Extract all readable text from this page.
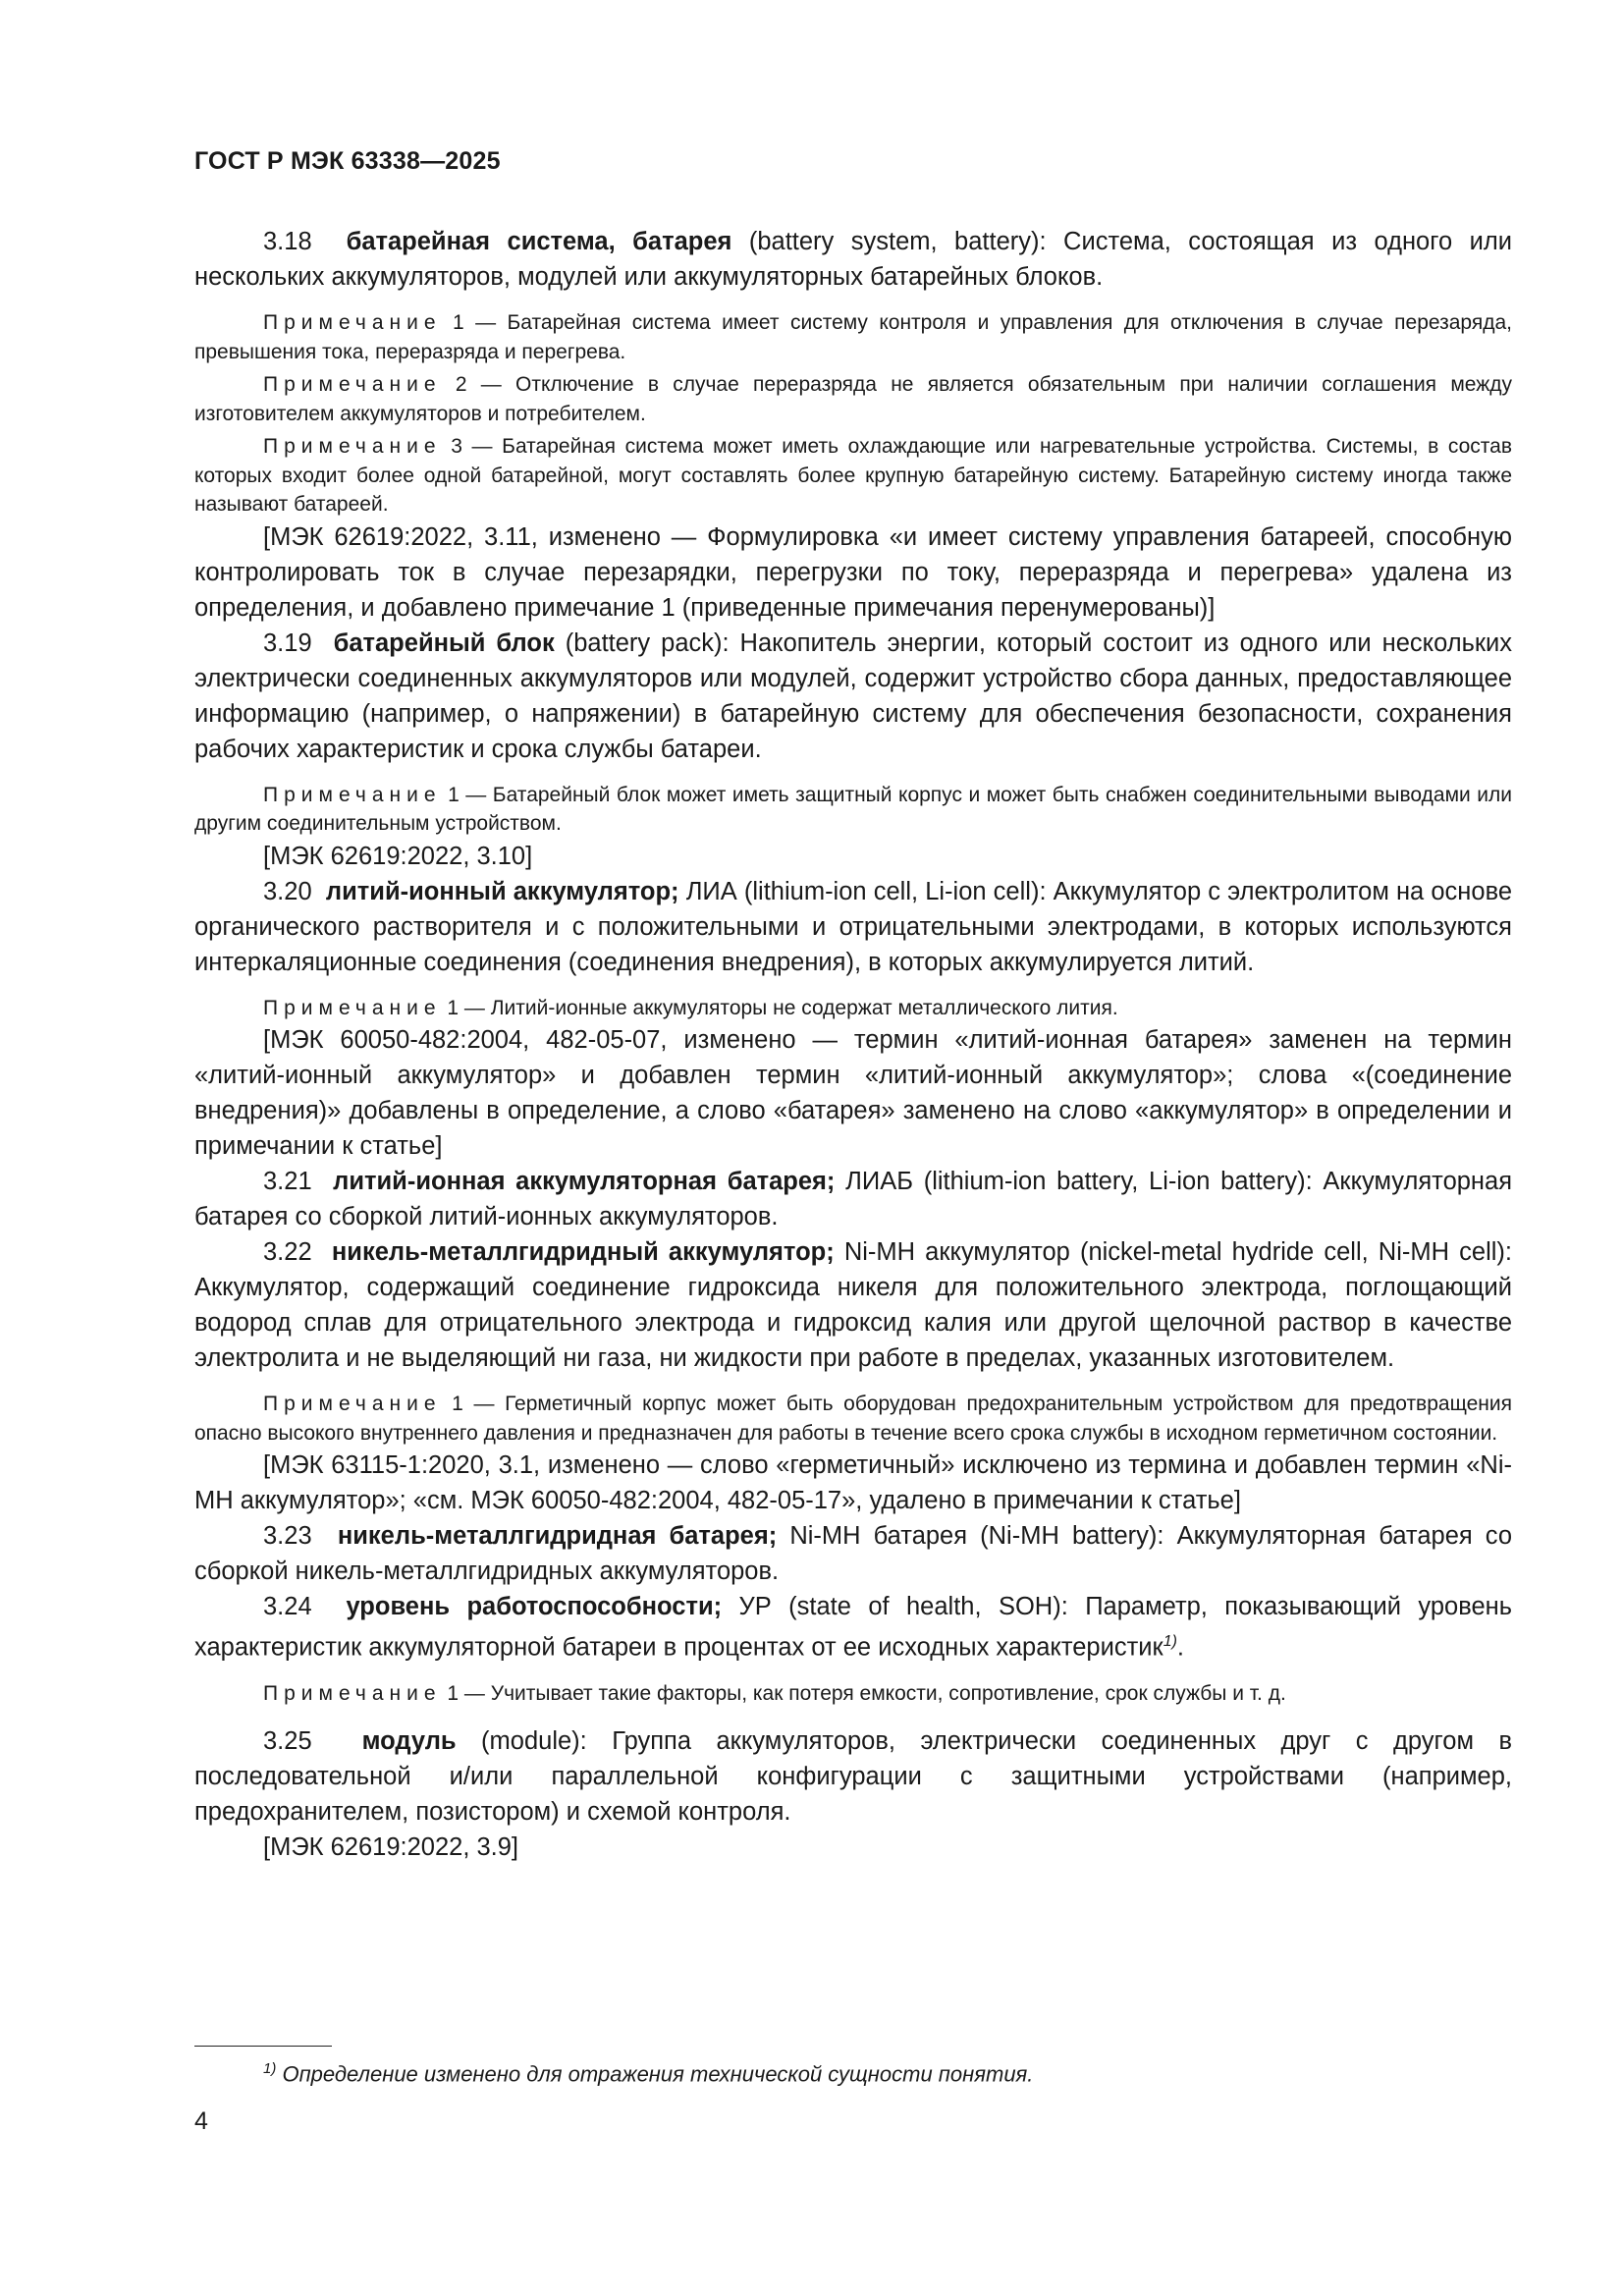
ГОСТ Р МЭК 63338—2025

3.18 батарейная система, батарея (battery system, battery): Система, состоящая из одного или нескольких аккумуляторов, модулей или аккумуляторных батарейных блоков.

Примечание 1 — Батарейная система имеет систему контроля и управления для отключения в случае перезаряда, превышения тока, переразряда и перегрева.

Примечание 2 — Отключение в случае переразряда не является обязательным при наличии соглашения между изготовителем аккумуляторов и потребителем.

Примечание 3 — Батарейная система может иметь охлаждающие или нагревательные устройства. Системы, в состав которых входит более одной батарейной, могут составлять более крупную батарейную систему. Батарейную систему иногда также называют батареей.

[МЭК 62619:2022, 3.11, изменено — Формулировка «и имеет систему управления батареей, способную контролировать ток в случае перезарядки, перегрузки по току, переразряда и перегрева» удалена из определения, и добавлено примечание 1 (приведенные примечания перенумерованы)]

3.19 батарейный блок (battery pack): Накопитель энергии, который состоит из одного или нескольких электрически соединенных аккумуляторов или модулей, содержит устройство сбора данных, предоставляющее информацию (например, о напряжении) в батарейную систему для обеспечения безопасности, сохранения рабочих характеристик и срока службы батареи.

Примечание 1 — Батарейный блок может иметь защитный корпус и может быть снабжен соединительными выводами или другим соединительным устройством.

[МЭК 62619:2022, 3.10]

3.20 литий-ионный аккумулятор; ЛИА (lithium-ion cell, Li-ion cell): Аккумулятор с электролитом на основе органического растворителя и с положительными и отрицательными электродами, в которых используются интеркаляционные соединения (соединения внедрения), в которых аккумулируется литий.

Примечание 1 — Литий-ионные аккумуляторы не содержат металлического лития.

[МЭК 60050-482:2004, 482-05-07, изменено — термин «литий-ионная батарея» заменен на термин «литий-ионный аккумулятор» и добавлен термин «литий-ионный аккумулятор»; слова «(соединение внедрения)» добавлены в определение, а слово «батарея» заменено на слово «аккумулятор» в определении и примечании к статье]

3.21 литий-ионная аккумуляторная батарея; ЛИАБ (lithium-ion battery, Li-ion battery): Аккумуляторная батарея со сборкой литий-ионных аккумуляторов.

3.22 никель-металлгидридный аккумулятор; Ni-MH аккумулятор (nickel-metal hydride cell, Ni-MH cell): Аккумулятор, содержащий соединение гидроксида никеля для положительного электрода, поглощающий водород сплав для отрицательного электрода и гидроксид калия или другой щелочной раствор в качестве электролита и не выделяющий ни газа, ни жидкости при работе в пределах, указанных изготовителем.

Примечание 1 — Герметичный корпус может быть оборудован предохранительным устройством для предотвращения опасно высокого внутреннего давления и предназначен для работы в течение всего срока службы в исходном герметичном состоянии.

[МЭК 63115-1:2020, 3.1, изменено — слово «герметичный» исключено из термина и добавлен термин «Ni-MH аккумулятор»; «см. МЭК 60050-482:2004, 482-05-17», удалено в примечании к статье]

3.23 никель-металлгидридная батарея; Ni-MH батарея (Ni-MH battery): Аккумуляторная батарея со сборкой никель-металлгидридных аккумуляторов.

3.24 уровень работоспособности; УР (state of health, SOH): Параметр, показывающий уровень характеристик аккумуляторной батареи в процентах от ее исходных характеристик$^{1)}$.

Примечание 1 — Учитывает такие факторы, как потеря емкости, сопротивление, срок службы и т. д.

3.25 модуль (module): Группа аккумуляторов, электрически соединенных друг с другом в последовательной и/или параллельной конфигурации с защитными устройствами (например, предохранителем, позистором) и схемой контроля.

[МЭК 62619:2022, 3.9]

$^{1)}$ Определение изменено для отражения технической сущности понятия.
4
